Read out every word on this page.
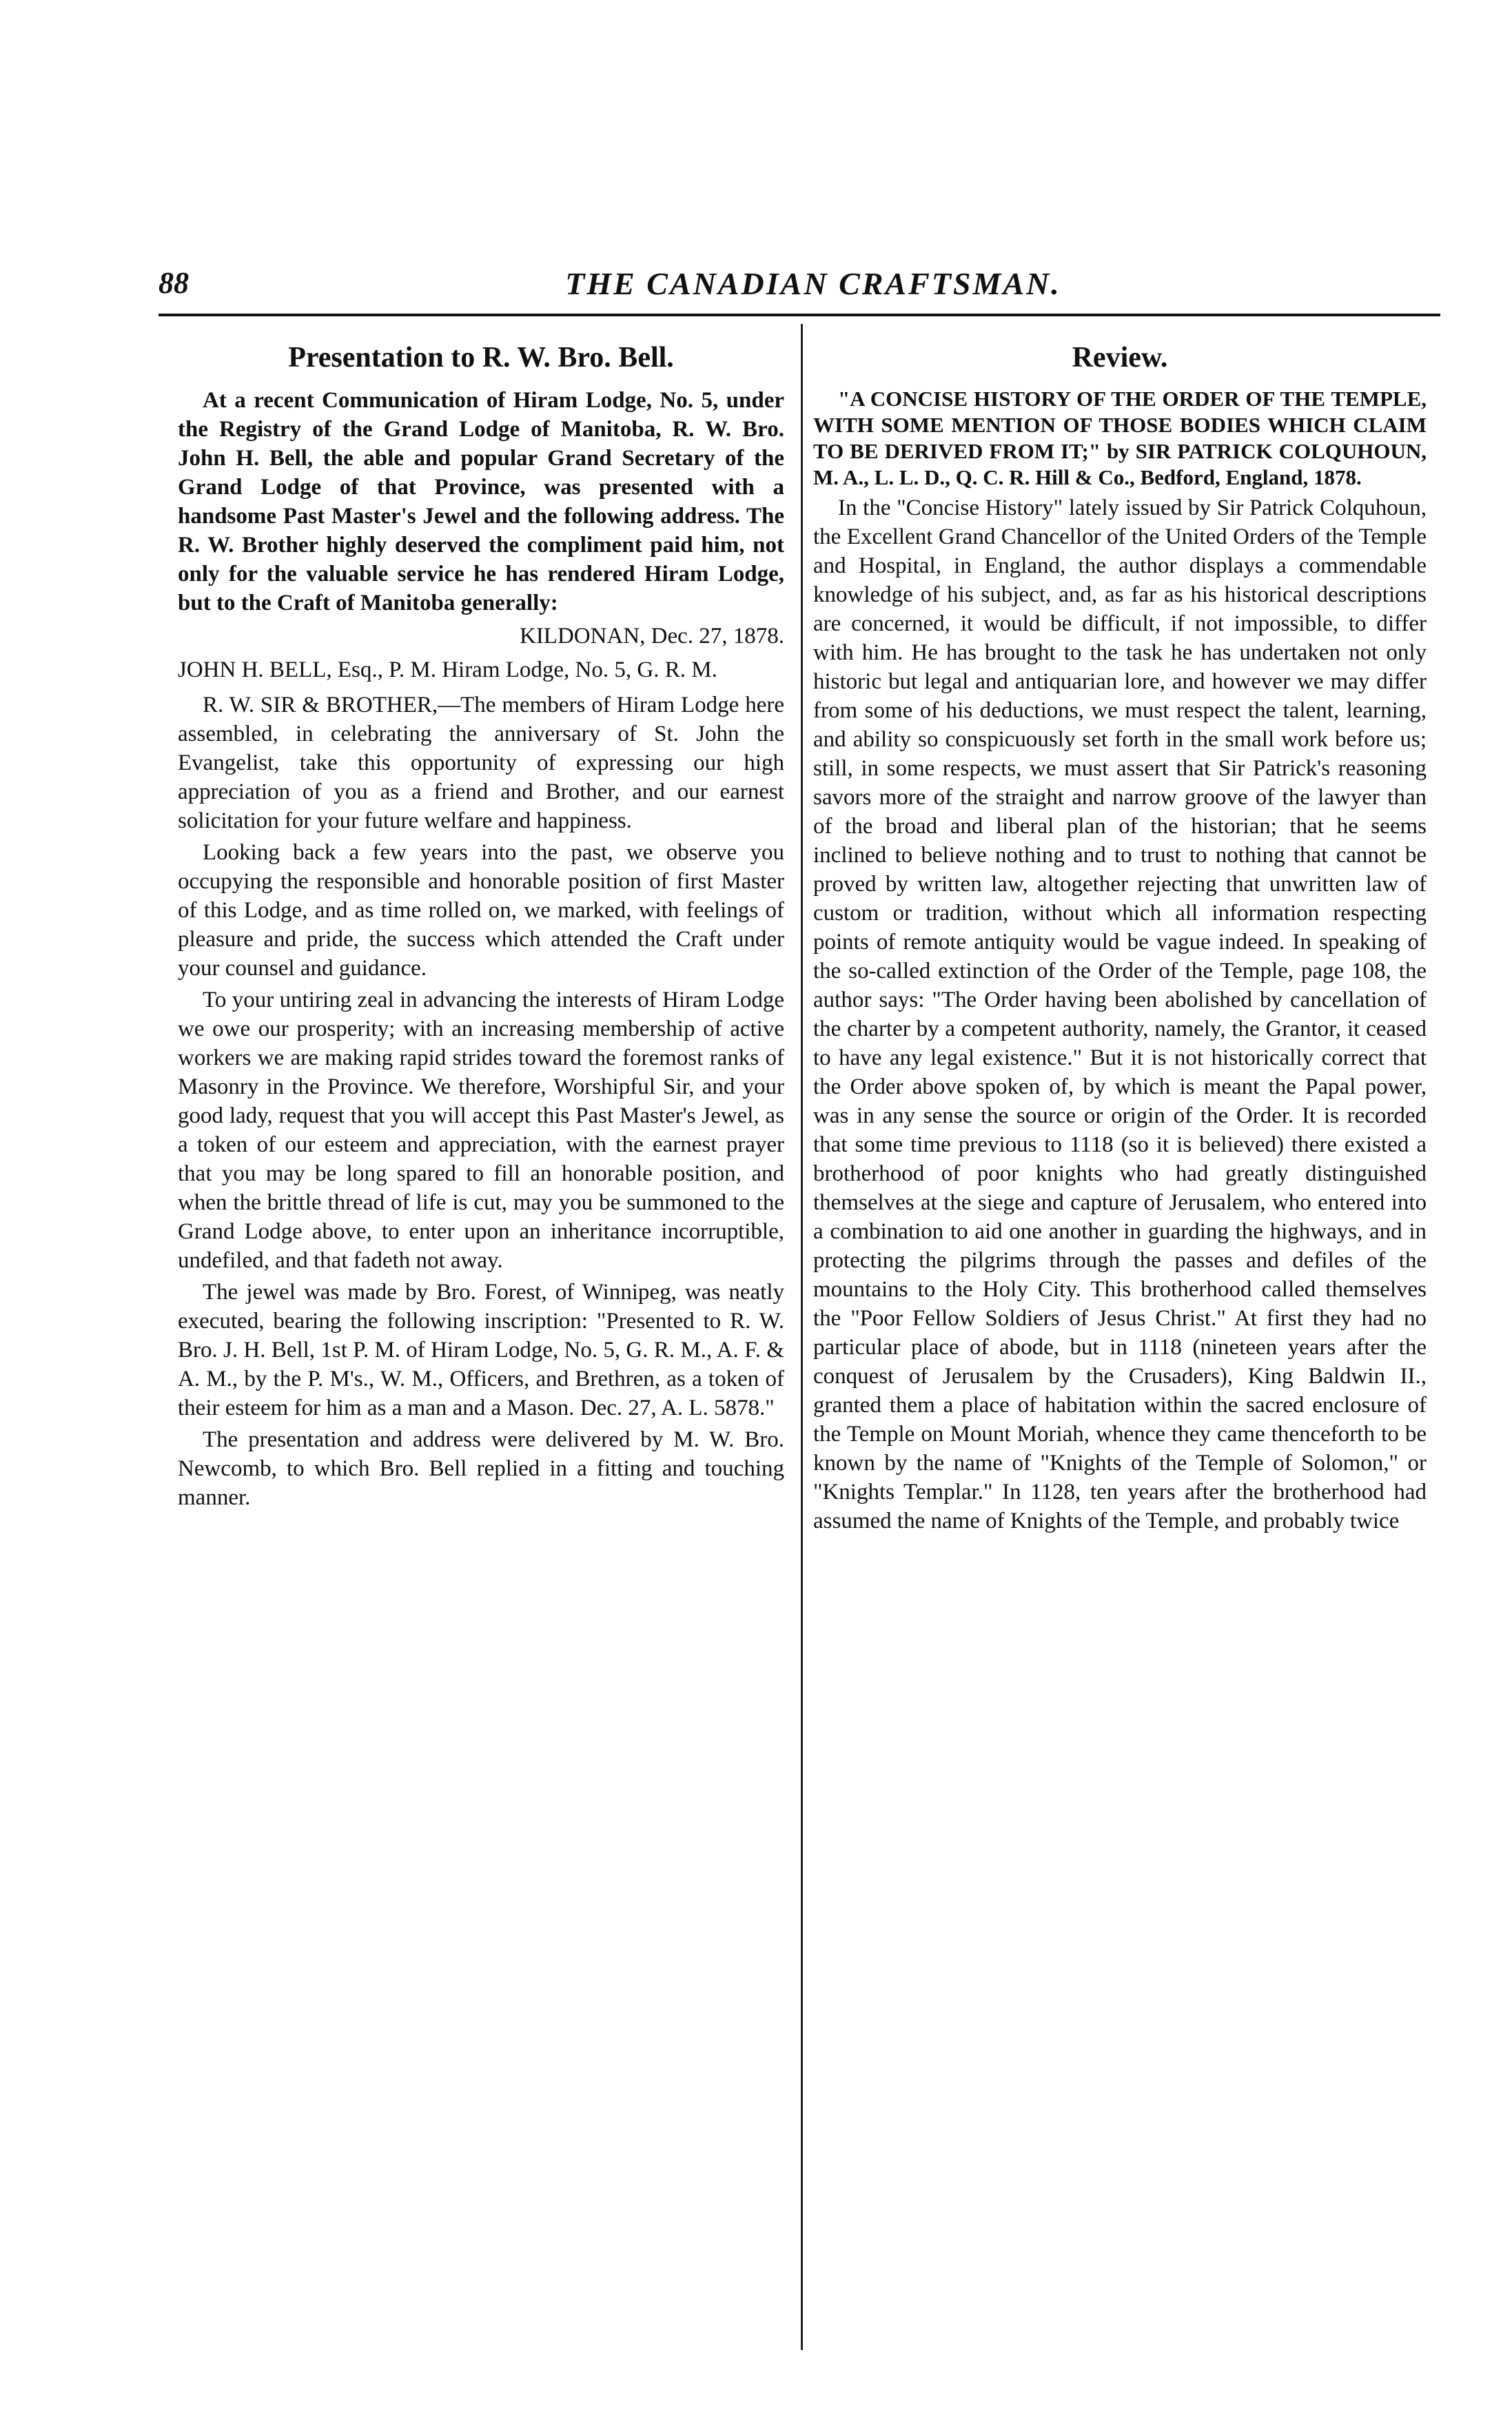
88	THE CANADIAN CRAFTSMAN.
Presentation to R. W. Bro. Bell.

At a recent Communication of Hiram Lodge, No. 5, under the Registry of the Grand Lodge of Manitoba, R. W. Bro. John H. Bell, the able and popular Grand Secretary of the Grand Lodge of that Province, was presented with a handsome Past Master's Jewel and the following address. The R. W. Brother highly deserved the compliment paid him, not only for the valuable service he has rendered Hiram Lodge, but to the Craft of Manitoba generally:

KILDONAN, Dec. 27, 1878.
JOHN H. BELL, Esq., P. M. Hiram Lodge, No. 5, G. R. M.

R. W. SIR & BROTHER,—The members of Hiram Lodge here assembled, in celebrating the anniversary of St. John the Evangelist, take this opportunity of expressing our high appreciation of you as a friend and Brother, and our earnest solicitation for your future welfare and happiness.

Looking back a few years into the past, we observe you occupying the responsible and honorable position of first Master of this Lodge, and as time rolled on, we marked, with feelings of pleasure and pride, the success which attended the Craft under your counsel and guidance.

To your untiring zeal in advancing the interests of Hiram Lodge we owe our prosperity; with an increasing membership of active workers we are making rapid strides toward the foremost ranks of Masonry in the Province. We therefore, Worshipful Sir, and your good lady, request that you will accept this Past Master's Jewel, as a token of our esteem and appreciation, with the earnest prayer that you may be long spared to fill an honorable position, and when the brittle thread of life is cut, may you be summoned to the Grand Lodge above, to enter upon an inheritance incorruptible, undefiled, and that fadeth not away.

The jewel was made by Bro. Forest, of Winnipeg, was neatly executed, bearing the following inscription: "Presented to R. W. Bro. J. H. Bell, 1st P. M. of Hiram Lodge, No. 5, G. R. M., A. F. & A. M., by the P. M's., W. M., Officers, and Brethren, as a token of their esteem for him as a man and a Mason. Dec. 27, A. L. 5878."

The presentation and address were delivered by M. W. Bro. Newcomb, to which Bro. Bell replied in a fitting and touching manner.

Review.

"A CONCISE HISTORY OF THE ORDER OF THE TEMPLE, WITH SOME MENTION OF THOSE BODIES WHICH CLAIM TO BE DERIVED FROM IT;" by SIR PATRICK COLQUHOUN, M. A., L. L. D., Q. C. R. Hill & Co., Bedford, England, 1878.

In the "Concise History" lately issued by Sir Patrick Colquhoun, the Excellent Grand Chancellor of the United Orders of the Temple and Hospital, in England, the author displays a commendable knowledge of his subject, and, as far as his historical descriptions are concerned, it would be difficult, if not impossible, to differ with him. He has brought to the task he has undertaken not only historic but legal and antiquarian lore, and however we may differ from some of his deductions, we must respect the talent, learning, and ability so conspicuously set forth in the small work before us; still, in some respects, we must assert that Sir Patrick's reasoning savors more of the straight and narrow groove of the lawyer than of the broad and liberal plan of the historian; that he seems inclined to believe nothing and to trust to nothing that cannot be proved by written law, altogether rejecting that unwritten law of custom or tradition, without which all information respecting points of remote antiquity would be vague indeed. In speaking of the so-called extinction of the Order of the Temple, page 108, the author says: "The Order having been abolished by cancellation of the charter by a competent authority, namely, the Grantor, it ceased to have any legal existence." But it is not historically correct that the Order above spoken of, by which is meant the Papal power, was in any sense the source or origin of the Order. It is recorded that some time previous to 1118 (so it is believed) there existed a brotherhood of poor knights who had greatly distinguished themselves at the siege and capture of Jerusalem, who entered into a combination to aid one another in guarding the highways, and in protecting the pilgrims through the passes and defiles of the mountains to the Holy City. This brotherhood called themselves the "Poor Fellow Soldiers of Jesus Christ." At first they had no particular place of abode, but in 1118 (nineteen years after the conquest of Jerusalem by the Crusaders), King Baldwin II., granted them a place of habitation within the sacred enclosure of the Temple on Mount Moriah, whence they came thenceforth to be known by the name of "Knights of the Temple of Solomon," or "Knights Templar." In 1128, ten years after the brotherhood had assumed the name of Knights of the Temple, and probably twice
